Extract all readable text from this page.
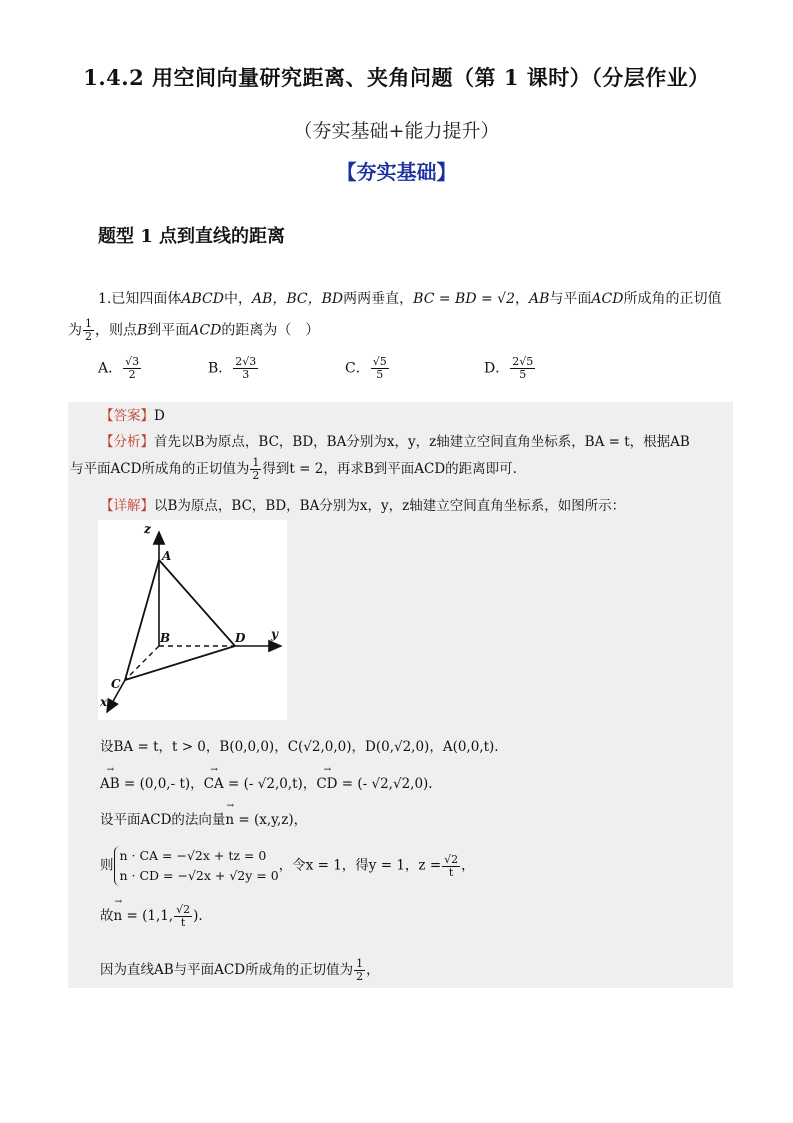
1.4.2 用空间向量研究距离、夹角问题（第 1 课时）（分层作业）
（夯实基础+能力提升）
【夯实基础】
题型 1 点到直线的距离
1.已知四面体ABCD中，AB，BC，BD两两垂直，BC = BD = √2，AB与平面ACD所成角的正切值
为 $\frac{1}{2}$ ，则点B到平面ACD的距离为（　）
A． $\frac{√3}{2}$	B． $\frac{2√3}{3}$	C． $\frac{√5}{5}$	D． $\frac{2√5}{5}$
【答案】D
【分析】首先以B为原点，BC，BD，BA分别为x，y，z轴建立空间直角坐标系，BA = t，根据AB
与平面ACD所成角的正切值为 $\frac{1}{2}$ 得到t = 2，再求B到平面ACD的距离即可.
【详解】以B为原点，BC，BD，BA分别为x，y，z轴建立空间直角坐标系，如图所示：
z
A
B	D y
C
x
设BA = t，t > 0，B(0,0,0)，C(√2,0,0)，D(0,√2,0)，A(0,0,t).
→ AB = (0,0,- t)，→ CA = (- √2,0,t)，→ CD = (- √2,√2,0).
设平面ACD的法向量→ n = (x,y,z)，
则
n · CA = −√2x + tz = 0
n · CD = −√2x + √2y = 0
，令x = 1，得y = 1，$z = \frac{√2}{t}$ ，
故→ n = (1,1, $\frac{√2}{t}$ ).
因为直线AB与平面ACD所成角的正切值为 $\frac{1}{2}$ ，
